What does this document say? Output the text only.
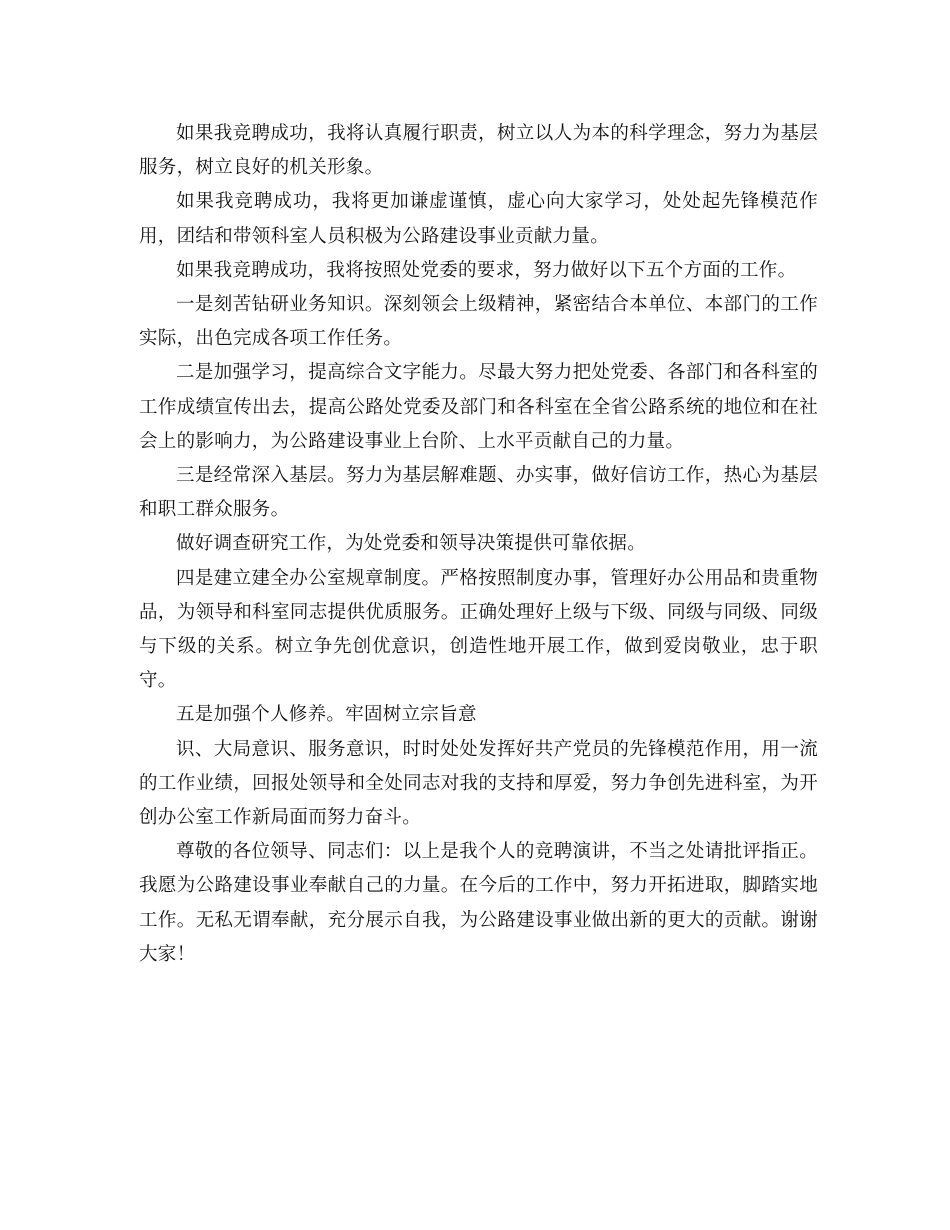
如果我竞聘成功，我将认真履行职责，树立以人为本的科学理念，努力为基层服务，树立良好的机关形象。

如果我竞聘成功，我将更加谦虚谨慎，虚心向大家学习，处处起先锋模范作用，团结和带领科室人员积极为公路建设事业贡献力量。

如果我竞聘成功，我将按照处党委的要求，努力做好以下五个方面的工作。

一是刻苦钻研业务知识。深刻领会上级精神，紧密结合本单位、本部门的工作实际，出色完成各项工作任务。

二是加强学习，提高综合文字能力。尽最大努力把处党委、各部门和各科室的工作成绩宣传出去，提高公路处党委及部门和各科室在全省公路系统的地位和在社会上的影响力，为公路建设事业上台阶、上水平贡献自己的力量。

三是经常深入基层。努力为基层解难题、办实事，做好信访工作，热心为基层和职工群众服务。

做好调查研究工作，为处党委和领导决策提供可靠依据。

四是建立建全办公室规章制度。严格按照制度办事，管理好办公用品和贵重物品，为领导和科室同志提供优质服务。正确处理好上级与下级、同级与同级、同级与下级的关系。树立争先创优意识，创造性地开展工作，做到爱岗敬业，忠于职守。

五是加强个人修养。牢固树立宗旨意

识、大局意识、服务意识，时时处处发挥好共产党员的先锋模范作用，用一流的工作业绩，回报处领导和全处同志对我的支持和厚爱，努力争创先进科室，为开创办公室工作新局面而努力奋斗。

尊敬的各位领导、同志们：以上是我个人的竞聘演讲，不当之处请批评指正。我愿为公路建设事业奉献自己的力量。在今后的工作中，努力开拓进取，脚踏实地工作。无私无谓奉献，充分展示自我，为公路建设事业做出新的更大的贡献。谢谢大家！
